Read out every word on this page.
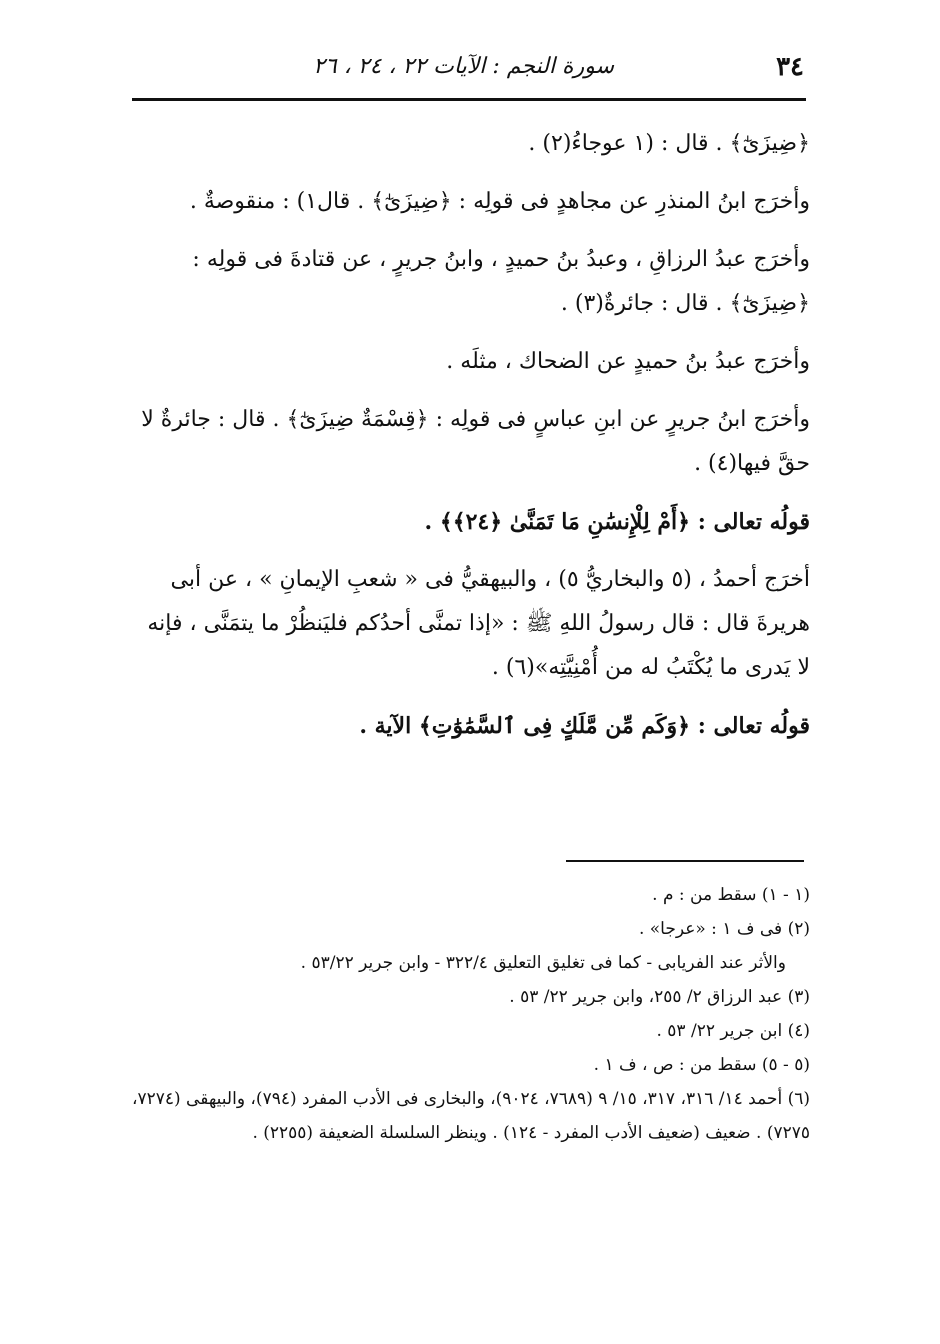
٣٤
سورة النجم : الآيات ٢٢ ، ٢٤ ، ٢٦

﴿ضِيزَىٰٓ﴾ . قال : (١ عوجاءُ(٢) .

وأخرَج ابنُ المنذرِ عن مجاهدٍ فى قولِه : ﴿ضِيزَىٰٓ﴾ . قال١) : منقوصةٌ .

وأخرَج عبدُ الرزاقِ ، وعبدُ بنُ حميدٍ ، وابنُ جريرٍ ، عن قتادةَ فى قولِه : ﴿ضِيزَىٰٓ﴾ . قال : جائرةٌ(٣) .

وأخرَج عبدُ بنُ حميدٍ عن الضحاك ، مثلَه .

وأخرَج ابنُ جريرٍ عن ابنِ عباسٍ فى قولِه : ﴿قِسْمَةٌ ضِيزَىٰٓ﴾ . قال : جائرةٌ لا حقَّ فيها(٤) .

قولُه تعالى : ﴿أَمْ لِلْإِنسَٰنِ مَا تَمَنَّىٰ ﴿٢٤﴾﴾ .

أخرَج أحمدُ ، (٥ والبخاريُّ ٥) ، والبيهقيُّ فى « شعبِ الإيمانِ » ، عن أبى هريرةَ قال : قال رسولُ اللهِ ﷺ : «إذا تمنَّى أحدُكم فليَنظُرْ ما يتمَنَّى ، فإنه لا يَدرى ما يُكْتَبُ له من أُمْنِيَّتِه»(٦) .

قولُه تعالى : ﴿وَكَم مِّن مَّلَكٍ فِى ٱلسَّمَٰوَٰتِ﴾ الآية .

(١ - ١) سقط من : م .

(٢) فى ف ١ : «عرجا» .

والأثر عند الفريابى - كما فى تغليق التعليق ٣٢٢/٤ - وابن جرير ٥٣/٢٢ .

(٣) عبد الرزاق ٢/ ٢٥٥، وابن جرير ٢٢/ ٥٣ .

(٤) ابن جرير ٢٢/ ٥٣ .

(٥ - ٥) سقط من : ص ، ف ١ .

(٦) أحمد ١٤/ ٣١٦، ٣١٧، ١٥/ ٩ (٧٦٨٩، ٩٠٢٤)، والبخارى فى الأدب المفرد (٧٩٤)، والبيهقى (٧٢٧٤، ٧٢٧٥) . ضعيف (ضعيف الأدب المفرد - ١٢٤) . وينظر السلسلة الضعيفة (٢٢٥٥) .
